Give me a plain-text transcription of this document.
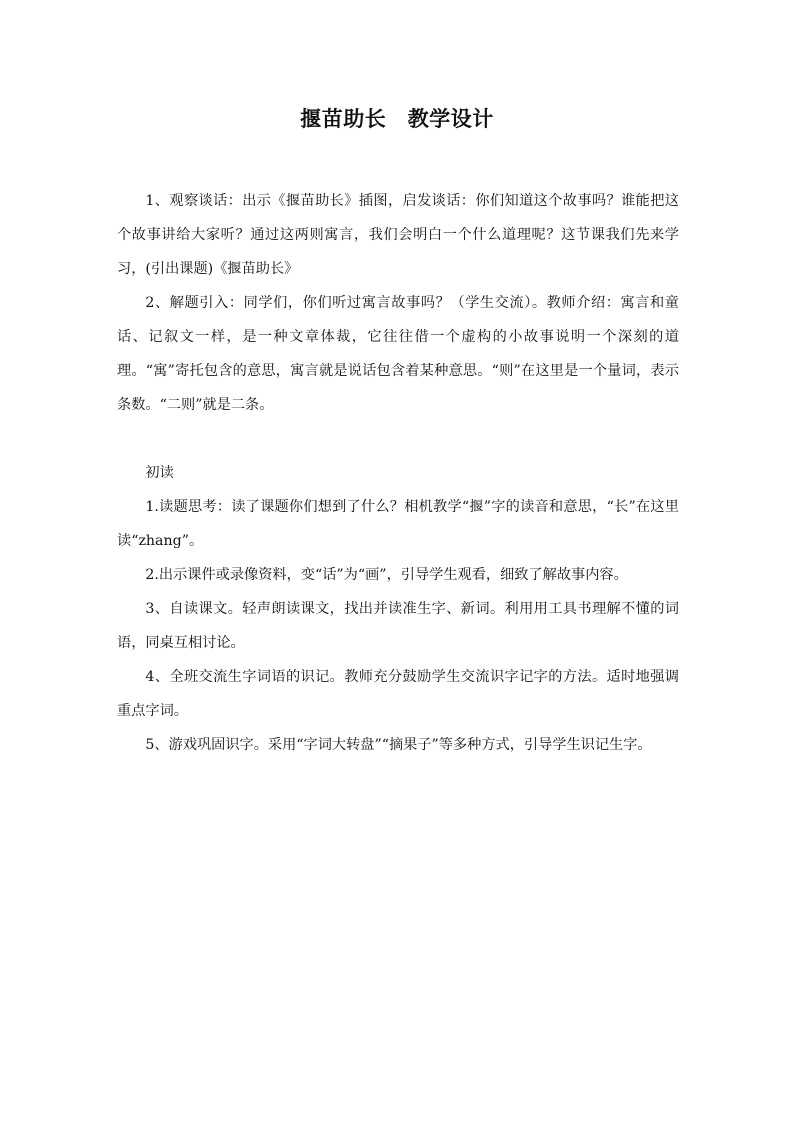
揠苗助长　教学设计

1、观察谈话：出示《揠苗助长》插图，启发谈话：你们知道这个故事吗？谁能把这个故事讲给大家听？通过这两则寓言，我们会明白一个什么道理呢？这节课我们先来学习，(引出课题)《揠苗助长》

2、解题引入：同学们，你们听过寓言故事吗？（学生交流）。教师介绍：寓言和童话、记叙文一样，是一种文章体裁，它往往借一个虚构的小故事说明一个深刻的道理。“寓”寄托包含的意思，寓言就是说话包含着某种意思。“则”在这里是一个量词，表示条数。“二则”就是二条。

初读

1.读题思考：读了课题你们想到了什么？相机教学“揠”字的读音和意思，“长”在这里读“zhang”。

2.出示课件或录像资料，变“话”为“画”，引导学生观看，细致了解故事内容。

3、自读课文。轻声朗读课文，找出并读准生字、新词。利用用工具书理解不懂的词语，同桌互相讨论。

4、全班交流生字词语的识记。教师充分鼓励学生交流识字记字的方法。适时地强调重点字词。

5、游戏巩固识字。采用“字词大转盘”“摘果子”等多种方式，引导学生识记生字。
